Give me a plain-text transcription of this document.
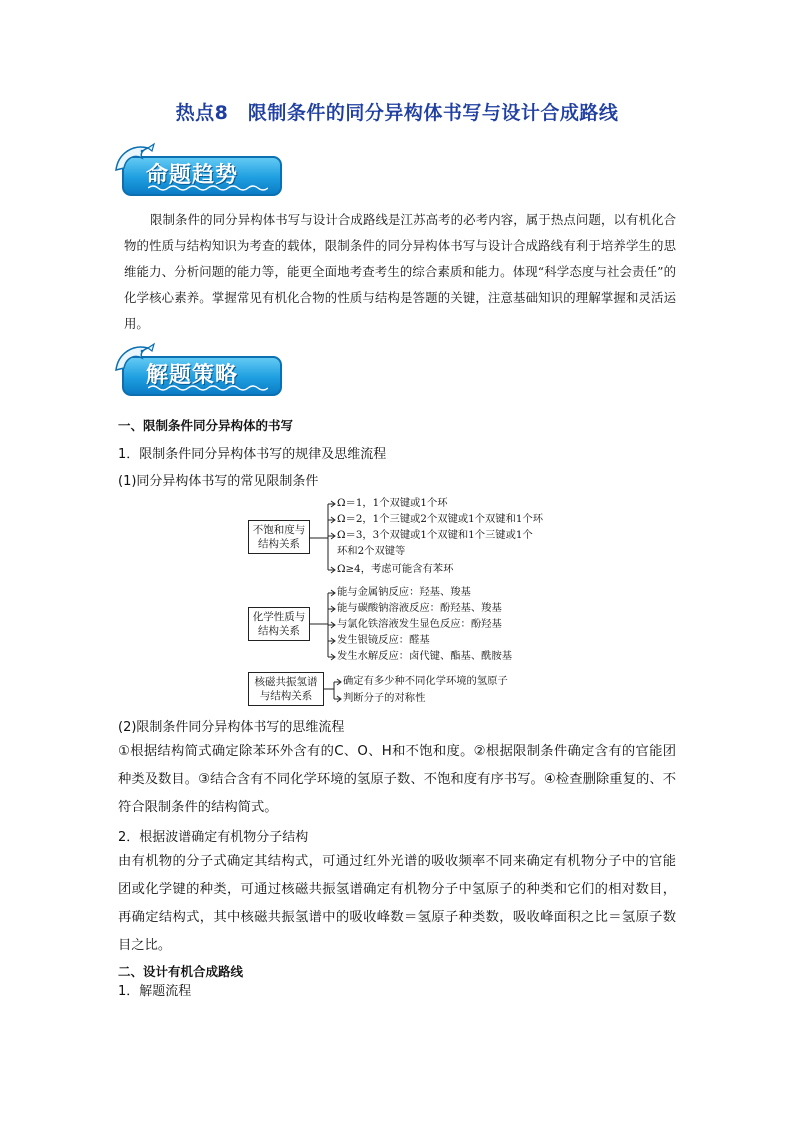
热点8　限制条件的同分异构体书写与设计合成路线
命题趋势
限制条件的同分异构体书写与设计合成路线是江苏高考的必考内容，属于热点问题，以有机化合物的性质与结构知识为考查的载体，限制条件的同分异构体书写与设计合成路线有利于培养学生的思维能力、分析问题的能力等，能更全面地考查考生的综合素质和能力。体现“科学态度与社会责任”的化学核心素养。掌握常见有机化合物的性质与结构是答题的关键，注意基础知识的理解掌握和灵活运用。
解题策略
一、限制条件同分异构体的书写
1．限制条件同分异构体书写的规律及思维流程
(1)同分异构体书写的常见限制条件
不饱和度与结构关系
Ω＝1，1个双键或1个环
Ω＝2，1个三键或2个双键或1个双键和1个环
Ω＝3，3个双键或1个双键和1个三键或1个
环和2个双键等
Ω≥4，考虑可能含有苯环
化学性质与结构关系
能与金属钠反应：羟基、羧基
能与碳酸钠溶液反应：酚羟基、羧基
与氯化铁溶液发生显色反应：酚羟基
发生银镜反应：醛基
发生水解反应：卤代键、酯基、酰胺基
核磁共振氢谱与结构关系
确定有多少种不同化学环境的氢原子
判断分子的对称性
(2)限制条件同分异构体书写的思维流程
①根据结构简式确定除苯环外含有的C、O、H和不饱和度。②根据限制条件确定含有的官能团种类及数目。③结合含有不同化学环境的氢原子数、不饱和度有序书写。④检查删除重复的、不符合限制条件的结构简式。
2．根据波谱确定有机物分子结构
由有机物的分子式确定其结构式，可通过红外光谱的吸收频率不同来确定有机物分子中的官能团或化学键的种类，可通过核磁共振氢谱确定有机物分子中氢原子的种类和它们的相对数目，再确定结构式，其中核磁共振氢谱中的吸收峰数＝氢原子种类数，吸收峰面积之比＝氢原子数目之比。
二、设计有机合成路线
1．解题流程
